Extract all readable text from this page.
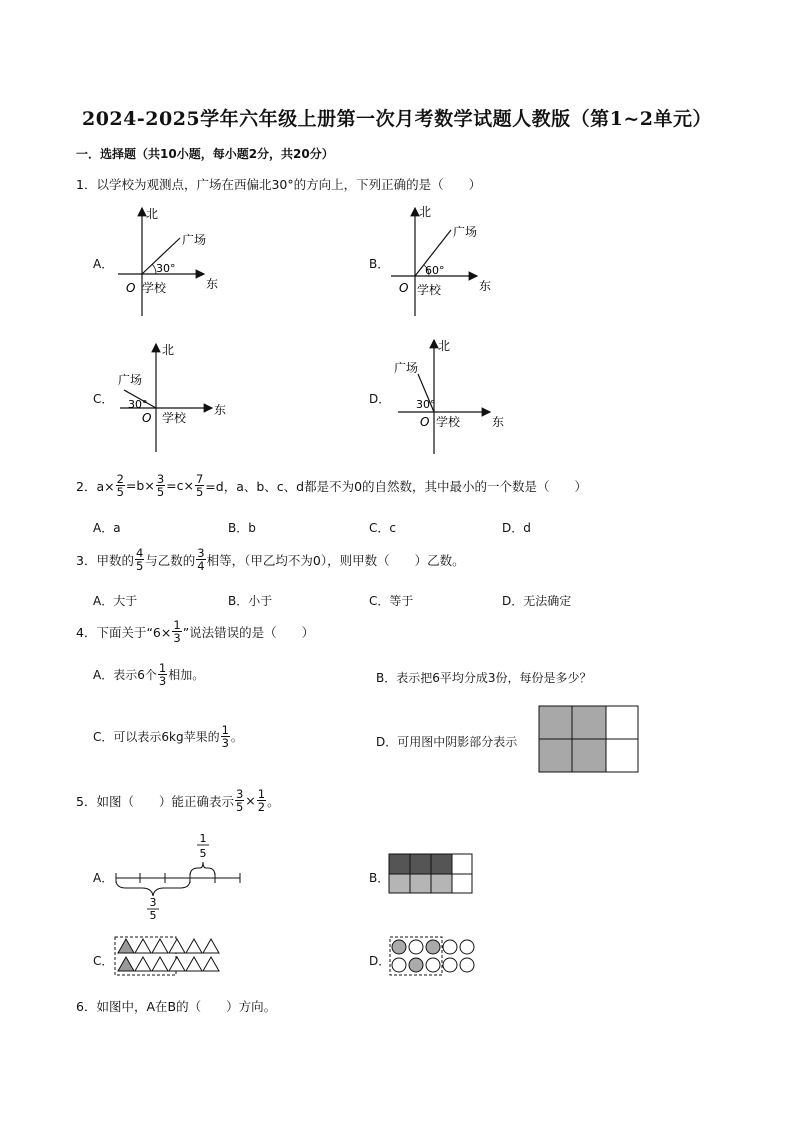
2024-2025学年六年级上册第一次月考数学试题人教版（第1~2单元）
一．选择题（共10小题，每小题2分，共20分）
1．以学校为观测点，广场在西偏北30°的方向上，下列正确的是（　　）
A．
北
东
O 学校
广场
30°	B．
北
东
O 学校
广场
60°
C．
北
东
O 学校
广场
30°	D．
北
东
O 学校
广场
30°
2．$a\times \frac{2}{5} =b\times \frac{3}{5} =c\times \frac{7}{5} =d$，a、b、c、d都是不为0的自然数，其中最小的一个数是（　　）
A．a	B．b	C．c	D．d
3．甲数的 $\frac{4}{5}$ 与乙数的 $\frac{3}{4}$ 相等，（甲乙均不为0），则甲数（　　）乙数。
A．大于	B．小于	C．等于	D．无法确定
4．下面关于“$6\times \frac{1}{3}$ ”说法错误的是（　　）
A．表示6个 $\frac{1}{3}$ 相加。	B．表示把6平均分成3份，每份是多少？
C．可以表示6kg苹果的 $\frac{1}{3}$ 。	D．可用图中阴影部分表示
5．如图（　　）能正确表示 $\frac{3}{5} \times \frac{1}{2}$ 。
A．
1
5
3
5
B．
C．	D．
6．如图中，A在B的（　　）方向。
